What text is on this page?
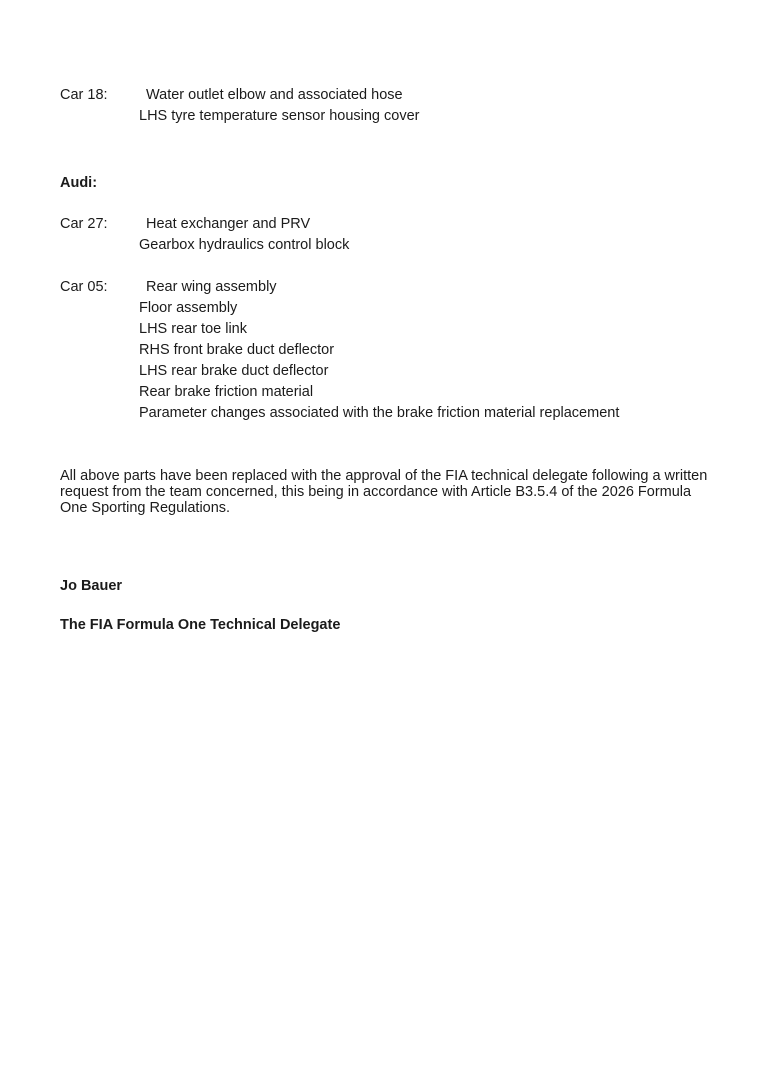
Car 18:	Water outlet elbow and associated hose
LHS tyre temperature sensor housing cover
Audi:
Car 27:	Heat exchanger and PRV
Gearbox hydraulics control block
Car 05:	Rear wing assembly
Floor assembly
LHS rear toe link
RHS front brake duct deflector
LHS rear brake duct deflector
Rear brake friction material
Parameter changes associated with the brake friction material replacement

All above parts have been replaced with the approval of the FIA technical delegate following a written request from the team concerned, this being in accordance with Article B3.5.4 of the 2026 Formula One Sporting Regulations.

Jo Bauer
The FIA Formula One Technical Delegate
